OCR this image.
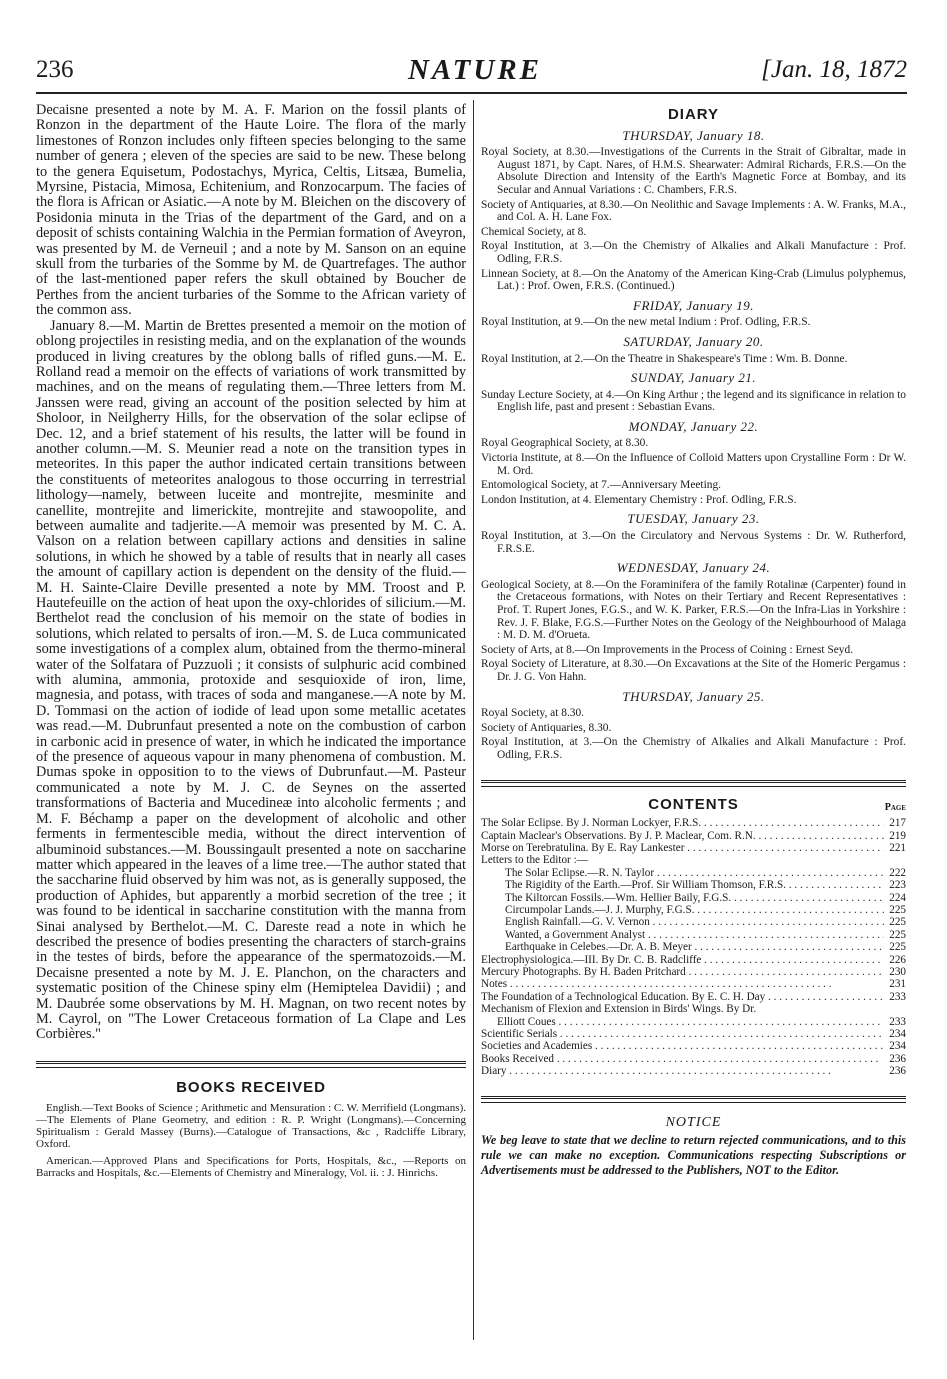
236	NATURE	[Jan. 18, 1872

Decaisne presented a note by M. A. F. Marion on the fossil plants of Ronzon in the department of the Haute Loire. The flora of the marly limestones of Ronzon includes only fifteen species belonging to the same number of genera ; eleven of the species are said to be new. These belong to the genera Equisetum, Podostachys, Myrica, Celtis, Litsæa, Bumelia, Myrsine, Pistacia, Mimosa, Echitenium, and Ronzocarpum. The facies of the flora is African or Asiatic.—A note by M. Bleichen on the discovery of Posidonia minuta in the Trias of the department of the Gard, and on a deposit of schists containing Walchia in the Permian formation of Aveyron, was presented by M. de Verneuil ; and a note by M. Sanson on an equine skull from the turbaries of the Somme by M. de Quartrefages. The author of the last-mentioned paper refers the skull obtained by Boucher de Perthes from the ancient turbaries of the Somme to the African variety of the common ass.

January 8.—M. Martin de Brettes presented a memoir on the motion of oblong projectiles in resisting media, and on the explanation of the wounds produced in living creatures by the oblong balls of rifled guns.—M. E. Rolland read a memoir on the effects of variations of work transmitted by machines, and on the means of regulating them.—Three letters from M. Janssen were read, giving an account of the position selected by him at Sholoor, in Neilgherry Hills, for the observation of the solar eclipse of Dec. 12, and a brief statement of his results, the latter will be found in another column.—M. S. Meunier read a note on the transition types in meteorites. In this paper the author indicated certain transitions between the constituents of meteorites analogous to those occurring in terrestrial lithology—namely, between luceite and montrejite, mesminite and canellite, montrejite and limerickite, montrejite and stawoopolite, and between aumalite and tadjerite.—A memoir was presented by M. C. A. Valson on a relation between capillary actions and densities in saline solutions, in which he showed by a table of results that in nearly all cases the amount of capillary action is dependent on the density of the fluid.—M. H. Sainte-Claire Deville presented a note by MM. Troost and P. Hautefeuille on the action of heat upon the oxy-chlorides of silicium.—M. Berthelot read the conclusion of his memoir on the state of bodies in solutions, which related to persalts of iron.—M. S. de Luca communicated some investigations of a complex alum, obtained from the thermo-mineral water of the Solfatara of Puzzuoli ; it consists of sulphuric acid combined with alumina, ammonia, protoxide and sesquioxide of iron, lime, magnesia, and potass, with traces of soda and manganese.—A note by M. D. Tommasi on the action of iodide of lead upon some metallic acetates was read.—M. Dubrunfaut presented a note on the combustion of carbon in carbonic acid in presence of water, in which he indicated the importance of the presence of aqueous vapour in many phenomena of combustion. M. Dumas spoke in opposition to to the views of Dubrunfaut.—M. Pasteur communicated a note by M. J. C. de Seynes on the asserted transformations of Bacteria and Mucedineæ into alcoholic ferments ; and M. F. Béchamp a paper on the development of alcoholic and other ferments in fermentescible media, without the direct intervention of albuminoid substances.—M. Boussingault presented a note on saccharine matter which appeared in the leaves of a lime tree.—The author stated that the saccharine fluid observed by him was not, as is generally supposed, the production of Aphides, but apparently a morbid secretion of the tree ; it was found to be identical in saccharine constitution with the manna from Sinai analysed by Berthelot.—M. C. Dareste read a note in which he described the presence of bodies presenting the characters of starch-grains in the testes of birds, before the appearance of the spermatozoids.—M. Decaisne presented a note by M. J. E. Planchon, on the characters and systematic position of the Chinese spiny elm (Hemiptelea Davidii) ; and M. Daubrée some observations by M. H. Magnan, on two recent notes by M. Cayrol, on "The Lower Cretaceous formation of La Clape and Les Corbières."

BOOKS RECEIVED

English.—Text Books of Science ; Arithmetic and Mensuration : C. W. Merrifield (Longmans).—The Elements of Plane Geometry, and edition : R. P. Wright (Longmans).—Concerning Spiritualism : Gerald Massey (Burns).—Catalogue of Transactions, &c , Radcliffe Library, Oxford.

American.—Approved Plans and Specifications for Ports, Hospitals, &c., —Reports on Barracks and Hospitals, &c.—Elements of Chemistry and Mineralogy, Vol. ii. : J. Hinrichs.

DIARY
THURSDAY, January 18.
Royal Society, at 8.30.—Investigations of the Currents in the Strait of Gibraltar, made in August 1871, by Capt. Nares, of H.M.S. Shearwater: Admiral Richards, F.R.S.—On the Absolute Direction and Intensity of the Earth's Magnetic Force at Bombay, and its Secular and Annual Variations : C. Chambers, F.R.S.
Society of Antiquaries, at 8.30.—On Neolithic and Savage Implements : A. W. Franks, M.A., and Col. A. H. Lane Fox.
Chemical Society, at 8.
Royal Institution, at 3.—On the Chemistry of Alkalies and Alkali Manufacture : Prof. Odling, F.R.S.
Linnean Society, at 8.—On the Anatomy of the American King-Crab (Limulus polyphemus, Lat.) : Prof. Owen, F.R.S. (Continued.)
FRIDAY, January 19.
Royal Institution, at 9.—On the new metal Indium : Prof. Odling, F.R.S.
SATURDAY, January 20.
Royal Institution, at 2.—On the Theatre in Shakespeare's Time : Wm. B. Donne.
SUNDAY, January 21.
Sunday Lecture Society, at 4.—On King Arthur ; the legend and its significance in relation to English life, past and present : Sebastian Evans.
MONDAY, January 22.
Royal Geographical Society, at 8.30.
Victoria Institute, at 8.—On the Influence of Colloid Matters upon Crystalline Form : Dr W. M. Ord.
Entomological Society, at 7.—Anniversary Meeting.
London Institution, at 4. Elementary Chemistry : Prof. Odling, F.R.S.
TUESDAY, January 23.
Royal Institution, at 3.—On the Circulatory and Nervous Systems : Dr. W. Rutherford, F.R.S.E.
WEDNESDAY, January 24.
Geological Society, at 8.—On the Foraminifera of the family Rotalinæ (Carpenter) found in the Cretaceous formations, with Notes on their Tertiary and Recent Representatives : Prof. T. Rupert Jones, F.G.S., and W. K. Parker, F.R.S.—On the Infra-Lias in Yorkshire : Rev. J. F. Blake, F.G.S.—Further Notes on the Geology of the Neighbourhood of Malaga : M. D. M. d'Orueta.
Society of Arts, at 8.—On Improvements in the Process of Coining : Ernest Seyd.
Royal Society of Literature, at 8.30.—On Excavations at the Site of the Homeric Pergamus : Dr. J. G. Von Hahn.
THURSDAY, January 25.
Royal Society, at 8.30.
Society of Antiquaries, 8.30.
Royal Institution, at 3.—On the Chemistry of Alkalies and Alkali Manufacture : Prof. Odling, F.R.S.
CONTENTS	Page
The Solar Eclipse. By J. Norman Lockyer, F.R.S. . . .	217
Captain Maclear's Observations. By J. P. Maclear, Com. R.N. . . .	219
Morse on Terebratulina. By E. Ray Lankester . . .	221
Letters to the Editor :—
The Solar Eclipse.—R. N. Taylor . . .	222
The Rigidity of the Earth.—Prof. Sir William Thomson, F.R.S. . . .	223
The Kiltorcan Fossils.—Wm. Hellier Baily, F.G.S. . . .	224
Circumpolar Lands.—J. J. Murphy, F.G.S. . . .	225
English Rainfall.—G. V. Vernon . . .	225
Wanted, a Government Analyst . . .	225
Earthquake in Celebes.—Dr. A. B. Meyer . . .	225
Electrophysiologica.—III. By Dr. C. B. Radcliffe . . .	226
Mercury Photographs. By H. Baden Pritchard . . .	230
Notes . . .	231
The Foundation of a Technological Education. By E. C. H. Day . . .	233
Mechanism of Flexion and Extension in Birds' Wings. By Dr.
Elliott Coues . . .	233
Scientific Serials . . .	234
Societies and Academies . . .	234
Books Received . . .	236
Diary . . .	236
NOTICE
We beg leave to state that we decline to return rejected communications, and to this rule we can make no exception. Communications respecting Subscriptions or Advertisements must be addressed to the Publishers, NOT to the Editor.
